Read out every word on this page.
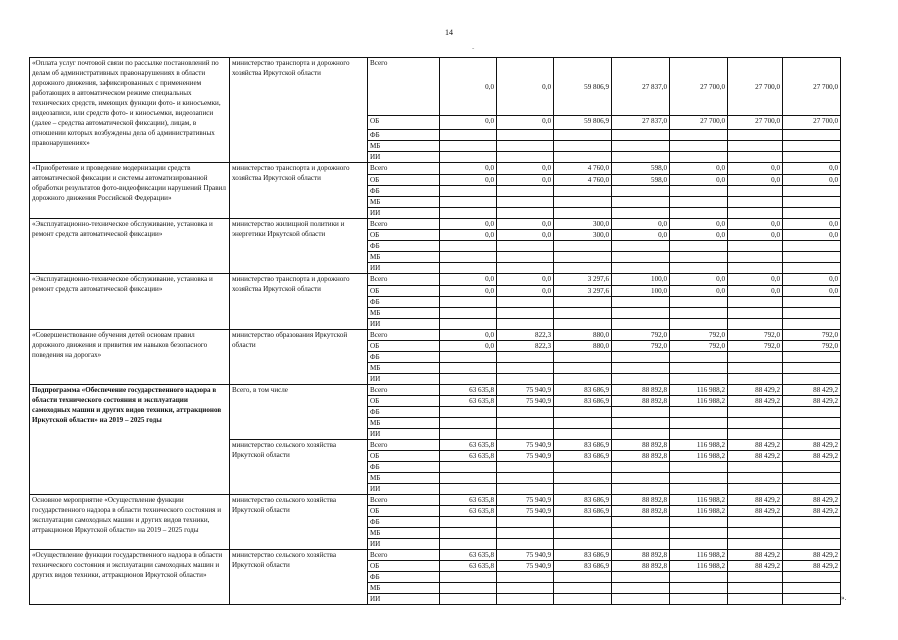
14
-
«Оплата услуг почтовой связи по рассылке постановлений по делам об административных правонарушениях в области дорожного движения, зафиксированных с применением работающих в автоматическом режиме специальных технических средств, имеющих функции фото- и киносъемки, видеозаписи, или средств фото- и киносъемки, видеозаписи (далее – средства автоматической фиксации), лицам, в отношении которых возбуждены дела об административных правонарушениях»	министерство транспорта и дорожного хозяйства Иркутской области	Всего	0,0	0,0	59 806,9	27 837,0	27 700,0	27 700,0	27 700,0
		ОБ	0,0	0,0	59 806,9	27 837,0	27 700,0	27 700,0	27 700,0
		ФБ							
		МБ							
		ИИ							
«Приобретение и проведение модернизации средств автоматической фиксации и системы автоматизированной обработки результатов фото-видеофиксации нарушений Правил дорожного движения Российской Федерации»	министерство транспорта и дорожного хозяйства Иркутской области	Всего	0,0	0,0	4 760,0	598,0	0,0	0,0	0,0
		ОБ	0,0	0,0	4 760,0	598,0	0,0	0,0	0,0
		ФБ							
		МБ							
		ИИ							
«Эксплуатационно-техническое обслуживание, установка и ремонт средств автоматической фиксации»	министерство жилищной политики и энергетики Иркутской области	Всего	0,0	0,0	300,0	0,0	0,0	0,0	0,0
		ОБ	0,0	0,0	300,0	0,0	0,0	0,0	0,0
		ФБ							
		МБ							
		ИИ							
«Эксплуатационно-техническое обслуживание, установка и ремонт средств автоматической фиксации»	министерство транспорта и дорожного хозяйства Иркутской области	Всего	0,0	0,0	3 297,6	100,0	0,0	0,0	0,0
		ОБ	0,0	0,0	3 297,6	100,0	0,0	0,0	0,0
		ФБ							
		МБ							
		ИИ							
«Совершенствование обучения детей основам правил дорожного движения и привития им навыков безопасного поведения на дорогах»	министерство образования Иркутской области	Всего	0,0	822,3	880,0	792,0	792,0	792,0	792,0
		ОБ	0,0	822,3	880,0	792,0	792,0	792,0	792,0
		ФБ							
		МБ							
		ИИ							
Подпрограмма «Обеспечение государственного надзора в области технического состояния и эксплуатации самоходных машин и других видов техники, аттракционов Иркутской области» на 2019 – 2025 годы	Всего, в том числе	Всего	63 635,8	75 940,9	83 686,9	88 892,8	116 988,2	88 429,2	88 429,2
		ОБ	63 635,8	75 940,9	83 686,9	88 892,8	116 988,2	88 429,2	88 429,2
		ФБ							
		МБ							
		ИИ							
	министерство сельского хозяйства Иркутской области	Всего	63 635,8	75 940,9	83 686,9	88 892,8	116 988,2	88 429,2	88 429,2
		ОБ	63 635,8	75 940,9	83 686,9	88 892,8	116 988,2	88 429,2	88 429,2
		ФБ							
		МБ							
		ИИ							
Основное мероприятие «Осуществление функции государственного надзора в области технического состояния и эксплуатации самоходных машин и других видов техники, аттракционов Иркутской области» на 2019 – 2025 годы	министерство сельского хозяйства Иркутской области	Всего	63 635,8	75 940,9	83 686,9	88 892,8	116 988,2	88 429,2	88 429,2
		ОБ	63 635,8	75 940,9	83 686,9	88 892,8	116 988,2	88 429,2	88 429,2
		ФБ							
		МБ							
		ИИ							
«Осуществление функции государственного надзора в области технического состояния и эксплуатации самоходных машин и других видов техники, аттракционов Иркутской области»	министерство сельского хозяйства Иркутской области	Всего	63 635,8	75 940,9	83 686,9	88 892,8	116 988,2	88 429,2	88 429,2
		ОБ	63 635,8	75 940,9	83 686,9	88 892,8	116 988,2	88 429,2	88 429,2
		ФБ							
		МБ							
		ИИ								».
